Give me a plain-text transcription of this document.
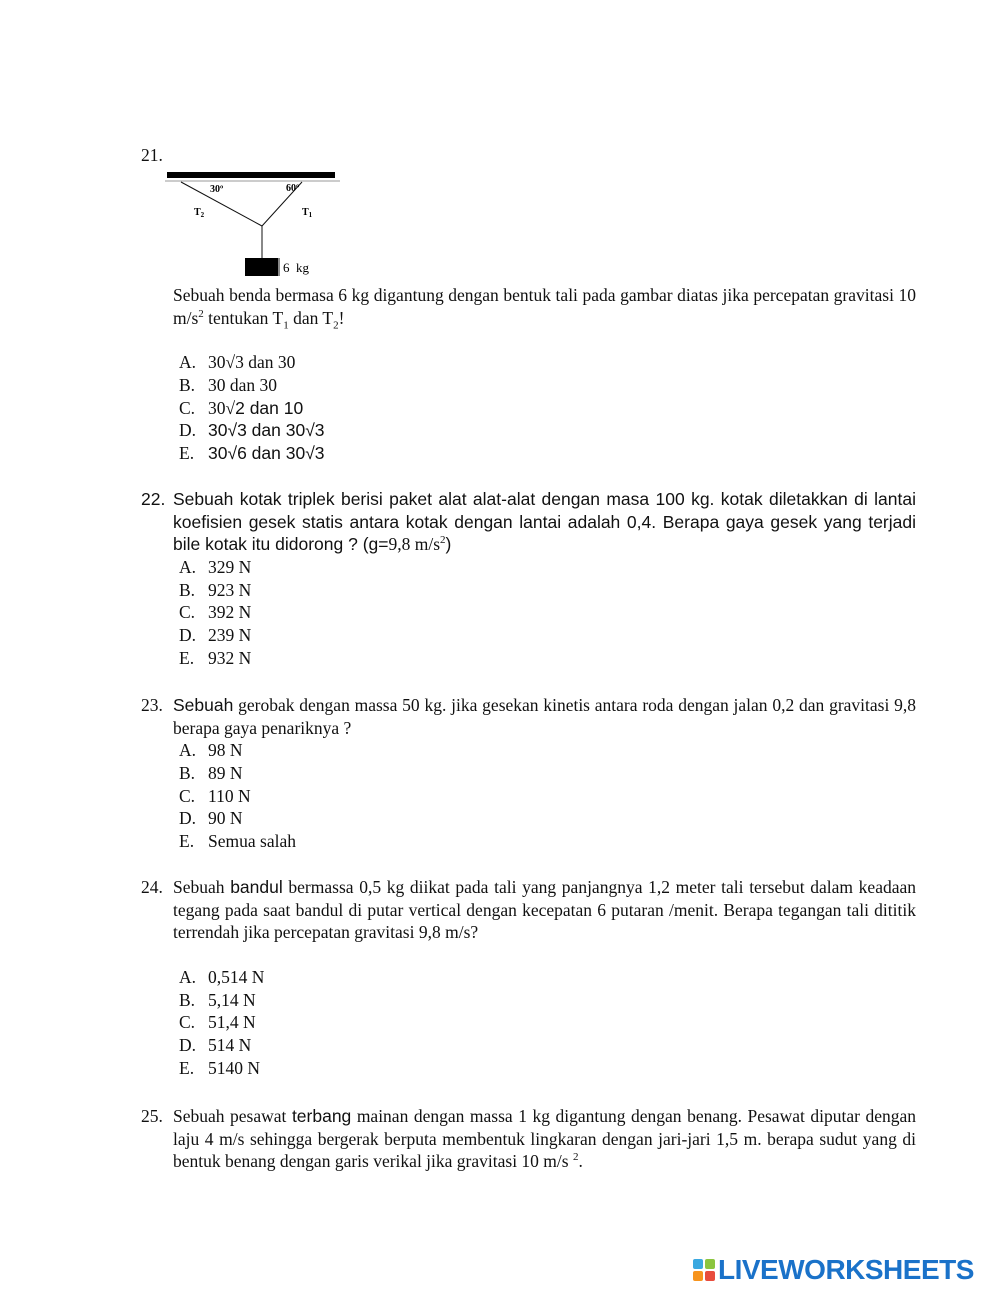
21.
30º	60º
$T_2$	$T_1$
6  kg
Sebuah benda bermasa 6 kg digantung dengan bentuk tali pada gambar diatas jika percepatan gravitasi 10 $m/s^2$ tentukan $T_1$ dan $T_2$!
A. 30√3 dan 30
B. 30 dan 30
C. 30√ 2 dan 10
D. 30√3 dan 30√3
E. 30√6 dan 30√3
22. Sebuah kotak triplek berisi paket alat alat-alat dengan masa 100 kg. kotak diletakkan di lantai koefisien gesek statis antara kotak dengan lantai adalah 0,4. Berapa gaya gesek yang terjadi bile kotak itu didorong ? (g=9,8 $m/s^2$)
A. 329 N
B. 923 N
C. 392 N
D. 239 N
E. 932 N
23. Sebuah gerobak dengan massa 50 kg. jika gesekan kinetis antara roda dengan jalan 0,2 dan gravitasi 9,8 berapa gaya penariknya ?
A. 98 N
B. 89 N
C. 110 N
D. 90 N
E. Semua salah
24. Sebuah bandul bermassa 0,5 kg diikat pada tali yang panjangnya 1,2 meter tali tersebut dalam keadaan tegang pada saat bandul di putar vertical dengan kecepatan 6 putaran /menit. Berapa tegangan tali dititik terrendah jika percepatan gravitasi 9,8 m/s?
A. 0,514 N
B. 5,14 N
C. 51,4 N
D. 514 N
E. 5140 N
25. Sebuah pesawat terbang mainan dengan massa 1 kg digantung dengan benang. Pesawat diputar dengan laju 4 m/s sehingga bergerak berputa membentuk lingkaran dengan jari-jari 1,5 m. berapa sudut yang di bentuk benang dengan garis verikal jika gravitasi 10 m/s $^2$.
LIVEWORKSHEETS
